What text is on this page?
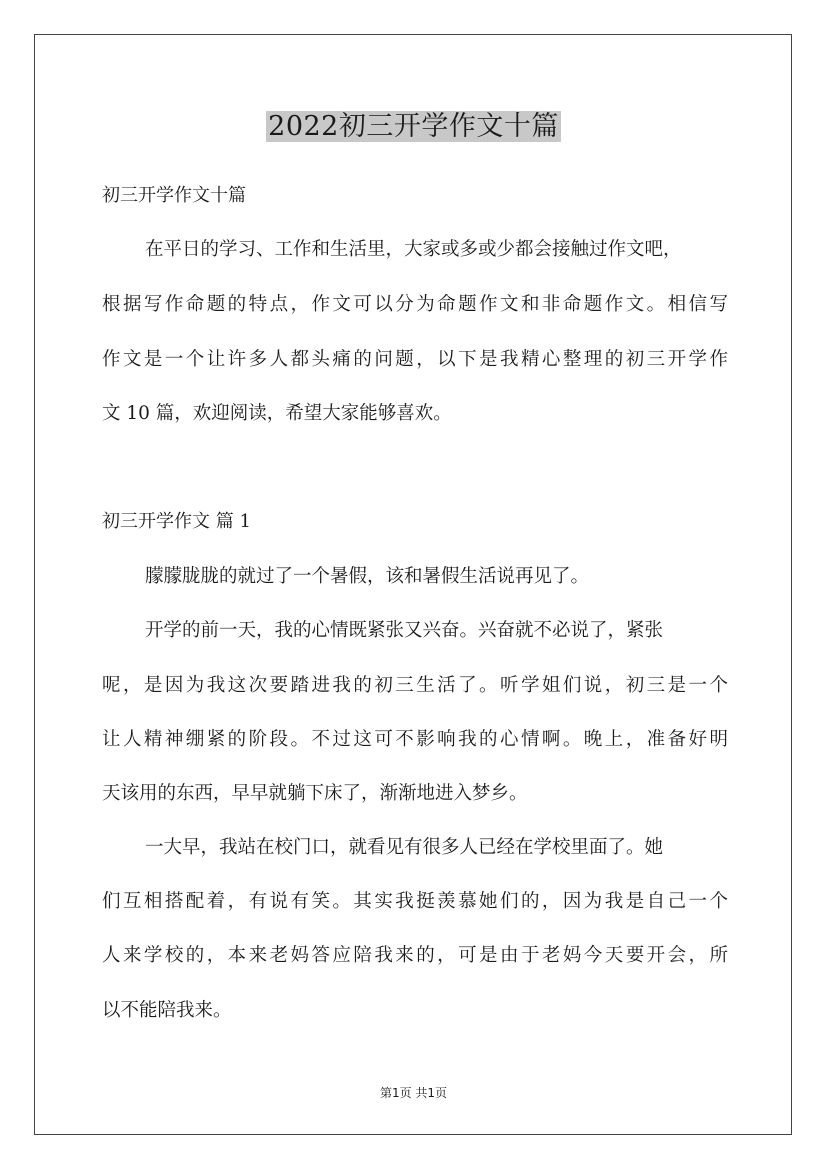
2022初三开学作文十篇
初三开学作文十篇
在平日的学习、工作和生活里，大家或多或少都会接触过作文吧，
根据写作命题的特点，作文可以分为命题作文和非命题作文。相信写
作文是一个让许多人都头痛的问题，以下是我精心整理的初三开学作
文 10 篇，欢迎阅读，希望大家能够喜欢。
初三开学作文 篇 1
朦朦胧胧的就过了一个暑假，该和暑假生活说再见了。
开学的前一天，我的心情既紧张又兴奋。兴奋就不必说了，紧张
呢，是因为我这次要踏进我的初三生活了。听学姐们说，初三是一个
让人精神绷紧的阶段。不过这可不影响我的心情啊。晚上，准备好明
天该用的东西，早早就躺下床了，渐渐地进入梦乡。
一大早，我站在校门口，就看见有很多人已经在学校里面了。她
们互相搭配着，有说有笑。其实我挺羡慕她们的，因为我是自己一个
人来学校的，本来老妈答应陪我来的，可是由于老妈今天要开会，所
以不能陪我来。
第1页 共1页
